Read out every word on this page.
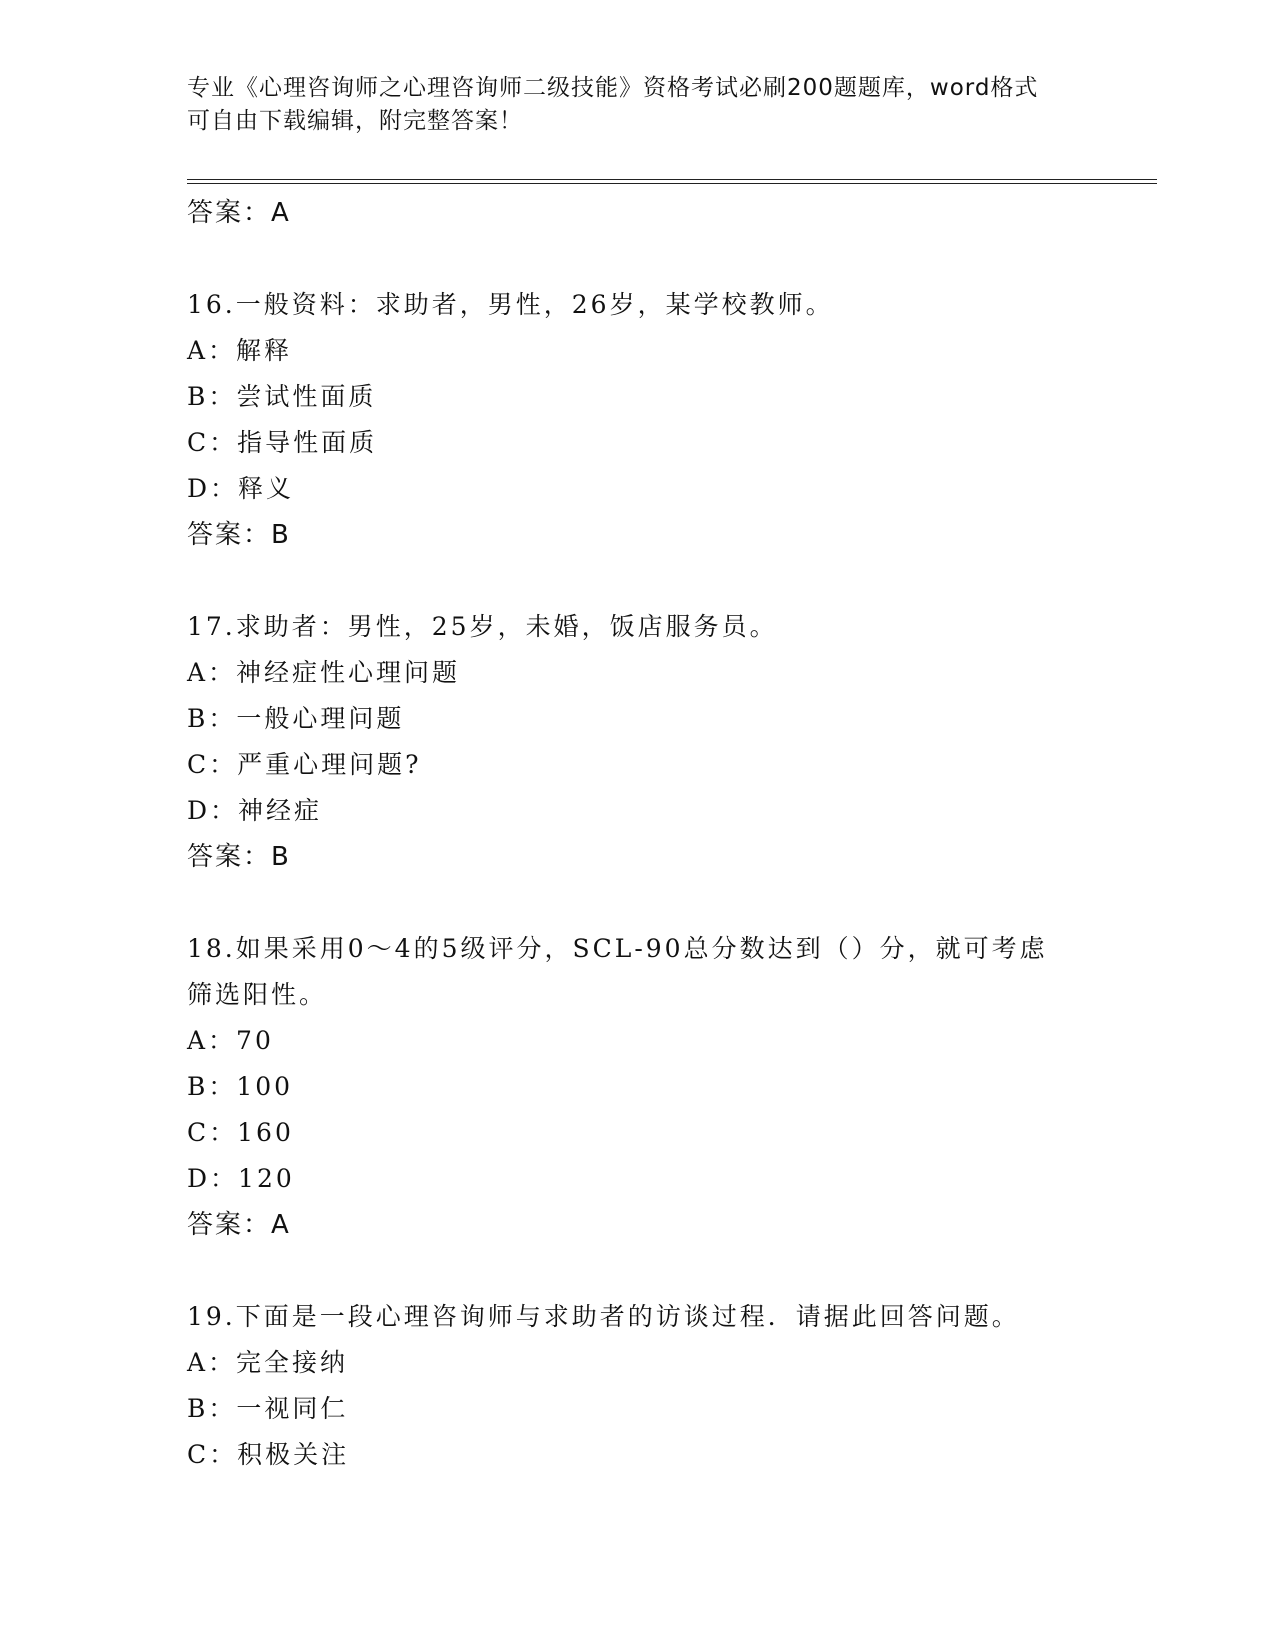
专业《心理咨询师之心理咨询师二级技能》资格考试必刷200题题库，word格式
可自由下载编辑，附完整答案！
答案：A
16.一般资料：求助者，男性，26岁，某学校教师。
A：解释
B：尝试性面质
C：指导性面质
D：释义
答案：B
17.求助者：男性，25岁，未婚，饭店服务员。
A：神经症性心理问题
B：一般心理问题
C：严重心理问题?
D：神经症
答案：B
18.如果采用0～4的5级评分，SCL-90总分数达到（）分，就可考虑
筛选阳性。
A：70
B：100
C：160
D：120
答案：A
19.下面是一段心理咨询师与求助者的访谈过程．请据此回答问题。
A：完全接纳
B：一视同仁
C：积极关注
